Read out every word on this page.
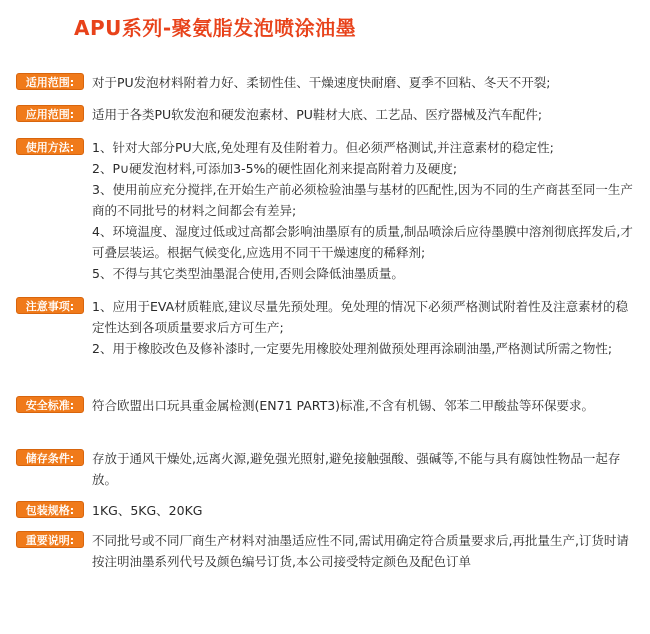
APU系列-聚氨脂发泡喷涂油墨
适用范围:	对于PU发泡材料附着力好、柔韧性佳、干燥速度快耐磨、夏季不回粘、冬天不开裂;

应用范围:	适用于各类PU软发泡和硬发泡素材、PU鞋材大底、工艺品、医疗器械及汽车配件;

使用方法:	1、针对大部分PU大底,免处理有及佳附着力。但必须严格测试,并注意素材的稳定性;

2、P∪硬发泡材料,可添加3-5%的硬性固化剂来提高附着力及硬度;

3、使用前应充分搅拌,在开始生产前必须检验油墨与基材的匹配性,因为不同的生产商甚至同一生产商的不同批号的材料之间都会有差异;

4、环境温度、湿度过低或过高都会影响油墨原有的质量,制品喷涂后应待墨膜中溶剂彻底挥发后,才可叠层装运。根据气候变化,应选用不同干干燥速度的稀释剂;

5、不得与其它类型油墨混合使用,否则会降低油墨质量。

注意事项:	1、应用于EVA材质鞋底,建议尽量先预处理。免处理的情况下必须严格测试附着性及注意素材的稳定性达到各项质量要求后方可生产;

2、用于橡胶改色及修补漆时,一定要先用橡胶处理剂做预处理再涂刷油墨,严格测试所需之物性;

安全标准:	符合欧盟出口玩具重金属检测(EN71 PART3)标准,不含有机锡、邻苯二甲酸盐等环保要求。

储存条件:	存放于通风干燥处,远离火源,避免强光照射,避免接触强酸、强碱等,不能与具有腐蚀性物品一起存放。

包装规格:	1KG、5KG、20KG

重要说明:	不同批号或不同厂商生产材料对油墨适应性不同,需试用确定符合质量要求后,再批量生产,订货时请按注明油墨系列代号及颜色编号订货,本公司接受特定颜色及配色订单
